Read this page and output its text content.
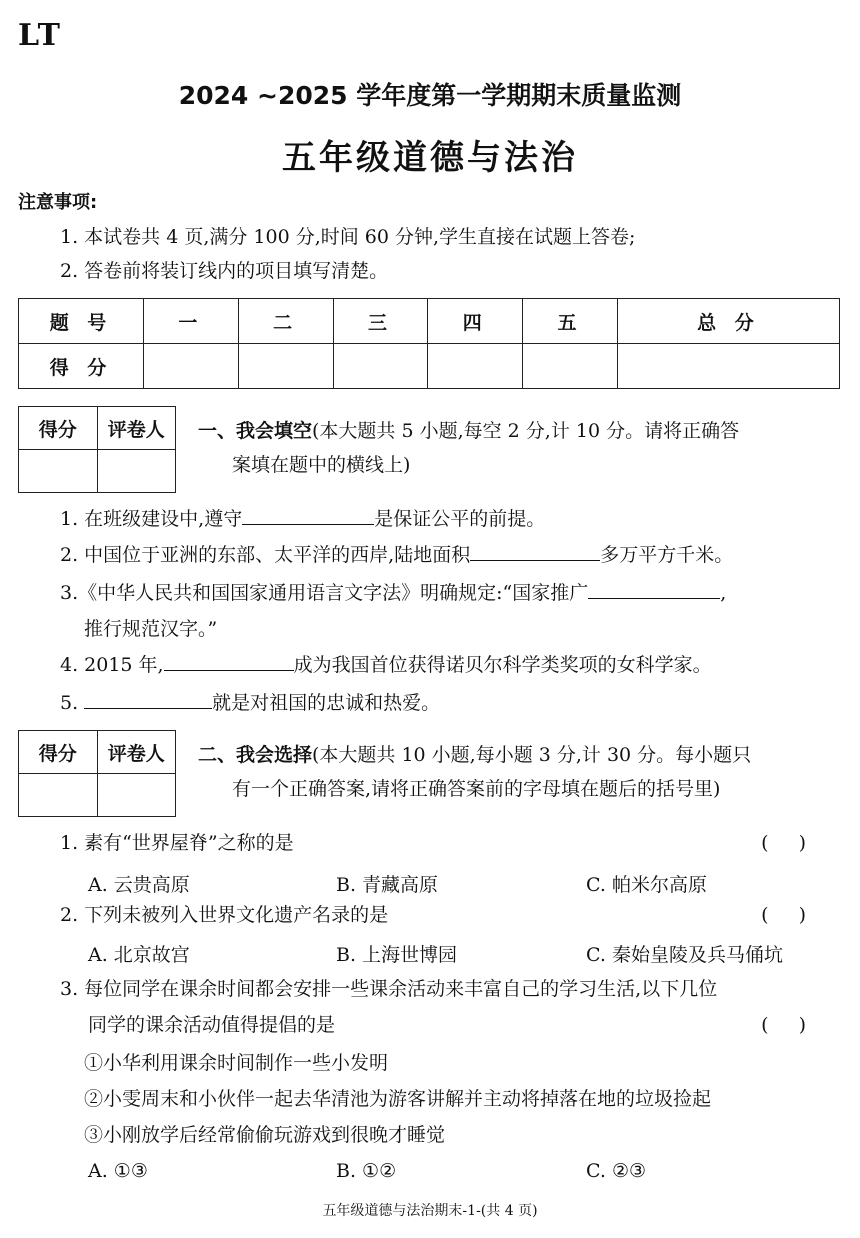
LT
2024 ~2025 学年度第一学期期末质量监测
五年级道德与法治
注意事项:
1. 本试卷共 4 页,满分 100 分,时间 60 分钟,学生直接在试题上答卷;
2. 答卷前将装订线内的项目填写清楚。
题 号	一	二	三	四	五	总 分
得 分						
得分	评卷人
	一、我会填空(本大题共 5 小题,每空 2 分,计 10 分。请将正确答
案填在题中的横线上)
1. 在班级建设中,遵守	是保证公平的前提。
2. 中国位于亚洲的东部、太平洋的西岸,陆地面积	多万平方千米。
3.《中华人民共和国国家通用语言文字法》明确规定:“国家推广	,
推行规范汉字。”
4. 2015 年,	成为我国首位获得诺贝尔科学类奖项的女科学家。
5.	就是对祖国的忠诚和热爱。
得分	评卷人
	二、我会选择(本大题共 10 小题,每小题 3 分,计 30 分。每小题只
有一个正确答案,请将正确答案前的字母填在题后的括号里)
1. 素有“世界屋脊”之称的是	()
A. 云贵高原	B. 青藏高原	C. 帕米尔高原
2. 下列未被列入世界文化遗产名录的是	()
A. 北京故宫	B. 上海世博园	C. 秦始皇陵及兵马俑坑
3. 每位同学在课余时间都会安排一些课余活动来丰富自己的学习生活,以下几位
同学的课余活动值得提倡的是	()
①小华利用课余时间制作一些小发明
②小雯周末和小伙伴一起去华清池为游客讲解并主动将掉落在地的垃圾捡起
③小刚放学后经常偷偷玩游戏到很晚才睡觉
A. ①③	B. ①②	C. ②③
五年级道德与法治期末-1-(共 4 页)
